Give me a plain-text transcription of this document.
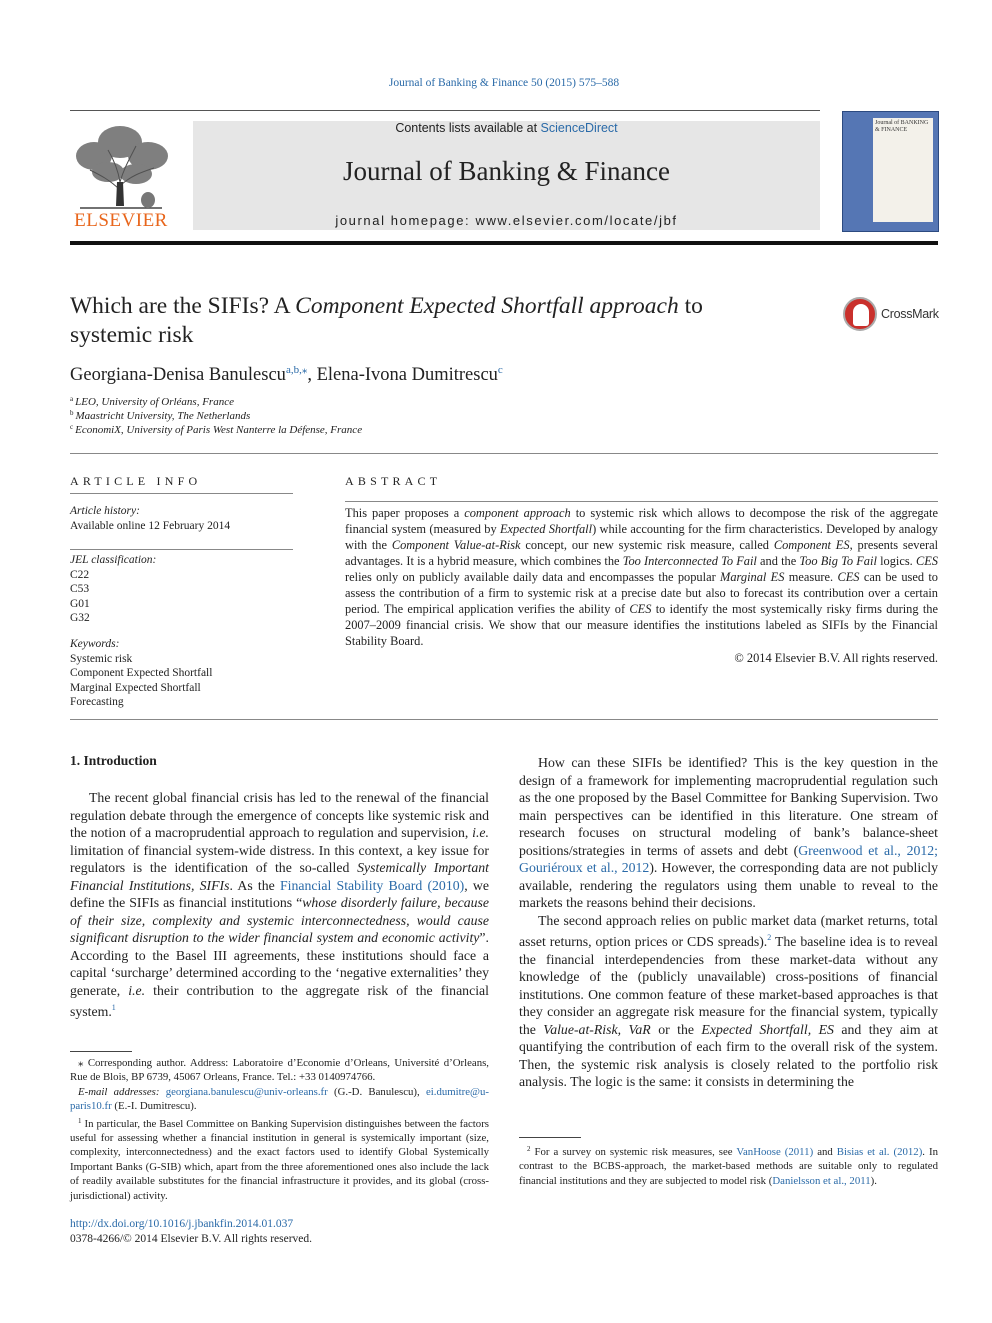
Journal of Banking & Finance 50 (2015) 575–588
ELSEVIER
Contents lists available at ScienceDirect
Journal of Banking & Finance
journal homepage: www.elsevier.com/locate/jbf
Journal of BANKING & FINANCE
Which are the SIFIs? A Component Expected Shortfall approach to systemic risk
CrossMark
Georgiana-Denisa Banulescu$^{a,b,⁎}$, Elena-Ivona Dumitrescu$^c$
$^a$ LEO, University of Orléans, France
$^b$ Maastricht University, The Netherlands
$^c$ EconomiX, University of Paris West Nanterre la Défense, France
ARTICLE INFO
Article history:
Available online 12 February 2014
JEL classification:
C22
C53
G01
G32
Keywords:
Systemic risk
Component Expected Shortfall
Marginal Expected Shortfall
Forecasting
ABSTRACT
This paper proposes a component approach to systemic risk which allows to decompose the risk of the aggregate financial system (measured by Expected Shortfall) while accounting for the firm characteristics. Developed by analogy with the Component Value-at-Risk concept, our new systemic risk measure, called Component ES, presents several advantages. It is a hybrid measure, which combines the Too Interconnected To Fail and the Too Big To Fail logics. CES relies only on publicly available daily data and encompasses the popular Marginal ES measure. CES can be used to assess the contribution of a firm to systemic risk at a precise date but also to forecast its contribution over a certain period. The empirical application verifies the ability of CES to identify the most systemically risky firms during the 2007–2009 financial crisis. We show that our measure identifies the institutions labeled as SIFIs by the Financial Stability Board.
© 2014 Elsevier B.V. All rights reserved.
1. Introduction

The recent global financial crisis has led to the renewal of the financial regulation debate through the emergence of concepts like systemic risk and the notion of a macroprudential approach to regulation and supervision, i.e. limitation of financial system-wide distress. In this context, a key issue for regulators is the identification of the so-called Systemically Important Financial Institutions, SIFIs. As the Financial Stability Board (2010), we define the SIFIs as financial institutions “whose disorderly failure, because of their size, complexity and systemic interconnectedness, would cause significant disruption to the wider financial system and economic activity”. According to the Basel III agreements, these institutions should face a capital ‘surcharge’ determined according to the ‘negative externalities’ they generate, i.e. their contribution to the aggregate risk of the financial system.$^1$

How can these SIFIs be identified? This is the key question in the design of a framework for implementing macroprudential regulation such as the one proposed by the Basel Committee for Banking Supervision. Two main perspectives can be identified in this literature. One stream of research focuses on structural modeling of bank’s balance-sheet positions/strategies in terms of assets and debt (Greenwood et al., 2012; Gouriéroux et al., 2012). However, the corresponding data are not publicly available, rendering the regulators using them unable to reveal to the markets the reasons behind their decisions.

The second approach relies on public market data (market returns, total asset returns, option prices or CDS spreads).$^2$ The baseline idea is to reveal the financial interdependencies from these market-data without any knowledge of the (publicly unavailable) cross-positions of financial institutions. One common feature of these market-based approaches is that they consider an aggregate risk measure for the financial system, typically the Value-at-Risk, VaR or the Expected Shortfall, ES and they aim at quantifying the contribution of each firm to the overall risk of the system. Then, the systemic risk analysis is closely related to the portfolio risk analysis. The logic is the same: it consists in determining the

⁎ Corresponding author. Address: Laboratoire d’Economie d’Orleans, Université d’Orleans, Rue de Blois, BP 6739, 45067 Orleans, France. Tel.: +33 0140974766.

E-mail addresses: georgiana.banulescu@univ-orleans.fr (G.-D. Banulescu), ei.dumitre@u-paris10.fr (E.-I. Dumitrescu).

$^1$ In particular, the Basel Committee on Banking Supervision distinguishes between the factors useful for assessing whether a financial institution in general is systemically important (size, complexity, interconnectedness) and the exact factors used to identify Global Systemically Important Banks (G-SIB) which, apart from the three aforementioned ones also include the lack of readily available substitutes for the financial infrastructure it provides, and its global (cross-jurisdictional) activity.

$^2$ For a survey on systemic risk measures, see VanHoose (2011) and Bisias et al. (2012). In contrast to the BCBS-approach, the market-based methods are suitable only to regulated financial institutions and they are subjected to model risk (Danielsson et al., 2011).

http://dx.doi.org/10.1016/j.jbankfin.2014.01.037
0378-4266/© 2014 Elsevier B.V. All rights reserved.
